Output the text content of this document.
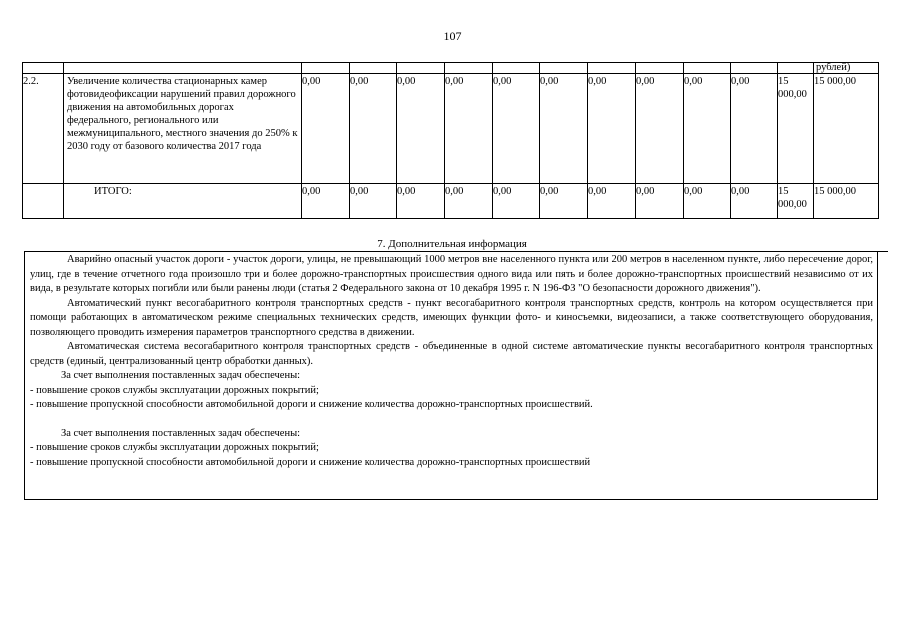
107
													рублей)
2.2.	Увеличение количества стационарных камер фотовидеофиксации нарушений правил дорожного движения на автомобильных дорогах федерального, регионального или межмуниципального, местного значения до 250% к 2030 году от базового количества 2017 года	0,00	0,00	0,00	0,00	0,00	0,00	0,00	0,00	0,00	0,00	15 000,00	15 000,00
	ИТОГО:	0,00	0,00	0,00	0,00	0,00	0,00	0,00	0,00	0,00	0,00	15 000,00	15 000,00
7. Дополнительная информация

Аварийно опасный участок дороги - участок дороги, улицы, не превышающий 1000 метров вне населенного пункта или 200 метров в населенном пункте, либо пересечение дорог, улиц, где в течение отчетного года произошло три и более дорожно-транспортных происшествия одного вида или пять и более дорожно-транспортных происшествий независимо от их вида, в результате которых погибли или были ранены люди (статья 2 Федерального закона от 10 декабря 1995 г. N 196-ФЗ "О безопасности дорожного движения").

Автоматический пункт весогабаритного контроля транспортных средств - пункт весогабаритного контроля транспортных средств, контроль на котором осуществляется при помощи работающих в автоматическом режиме специальных технических средств, имеющих функции фото- и киносъемки, видеозаписи, а также соответствующего оборудования, позволяющего проводить измерения параметров транспортного средства в движении.

Автоматическая система весогабаритного контроля транспортных средств - объединенные в одной системе автоматические пункты весогабаритного контроля транспортных средств (единый, централизованный центр обработки данных).

За счет выполнения поставленных задач обеспечены:

- повышение сроков службы эксплуатации дорожных покрытий;

- повышение пропускной способности автомобильной дороги и снижение количества дорожно-транспортных происшествий.

За счет выполнения поставленных задач обеспечены:

- повышение сроков службы эксплуатации дорожных покрытий;

- повышение пропускной способности автомобильной дороги и снижение количества дорожно-транспортных происшествий
